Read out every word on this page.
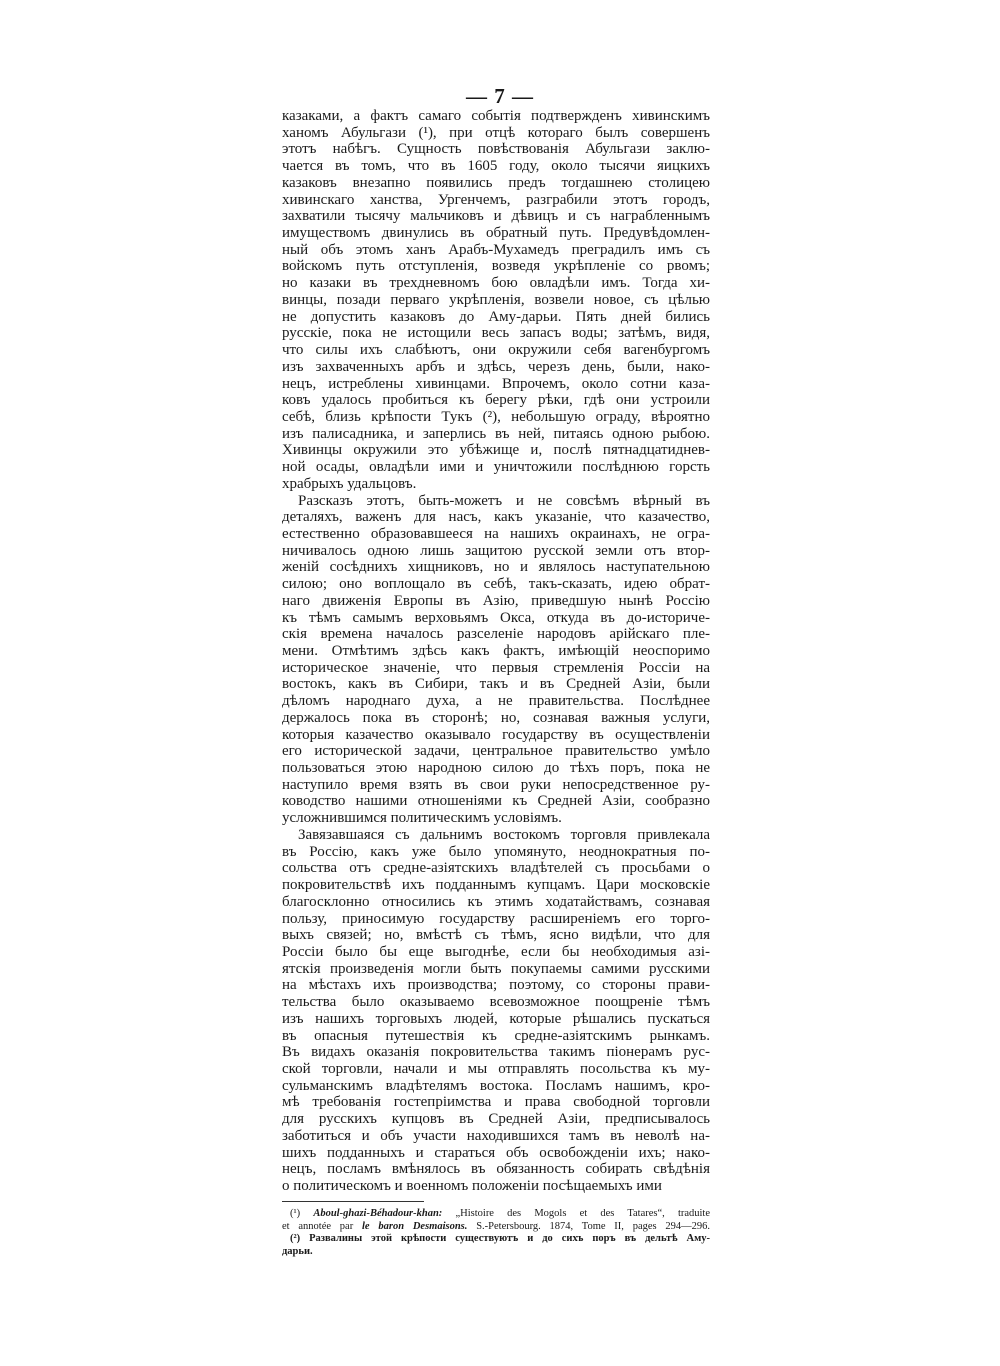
— 7 —
казаками, а фактъ самаго событія подтвержденъ хивинскимъ
ханомъ Абульгази (¹), при отцѣ котораго былъ совершенъ
этотъ набѣгъ. Сущность повѣствованія Абульгази заклю-
чается въ томъ, что въ 1605 году, около тысячи яицкихъ
казаковъ внезапно появились предъ тогдашнею столицею
хивинскаго ханства, Ургенчемъ, разграбили этотъ городъ,
захватили тысячу мальчиковъ и дѣвицъ и съ награбленнымъ
имуществомъ двинулись въ обратный путь. Предувѣдомлен-
ный объ этомъ ханъ Арабъ-Мухамедъ преградилъ имъ съ
войскомъ путь отступленія, возведя укрѣпленіе со рвомъ;
но казаки въ трехдневномъ бою овладѣли имъ. Тогда хи-
винцы, позади перваго укрѣпленія, возвели новое, съ цѣлью
не допустить казаковъ до Аму-дарьи. Пять дней бились
русскіе, пока не истощили весь запасъ воды; затѣмъ, видя,
что силы ихъ слабѣютъ, они окружили себя вагенбургомъ
изъ захваченныхъ арбъ и здѣсь, черезъ день, были, нако-
нецъ, истреблены хивинцами. Впрочемъ, около сотни каза-
ковъ удалось пробиться къ берегу рѣки, гдѣ они устроили
себѣ, близь крѣпости Тукъ (²), небольшую ограду, вѣроятно
изъ палисадника, и заперлись въ ней, питаясь одною рыбою.
Хивинцы окружили это убѣжище и, послѣ пятнадцатиднев-
ной осады, овладѣли ими и уничтожили послѣднюю горсть
храбрыхъ удальцовъ.
Разсказъ этотъ, быть-можетъ и не совсѣмъ вѣрный въ
деталяхъ, важенъ для насъ, какъ указаніе, что казачество,
естественно образовавшееся на нашихъ окраинахъ, не огра-
ничивалось одною лишь защитою русской земли отъ втор-
женій сосѣднихъ хищниковъ, но и являлось наступательною
силою; оно воплощало въ себѣ, такъ-сказать, идею обрат-
наго движенія Европы въ Азію, приведшую нынѣ Россію
къ тѣмъ самымъ верховьямъ Окса, откуда въ до-историче-
скія времена началось разселеніе народовъ арійскаго пле-
мени. Отмѣтимъ здѣсь какъ фактъ, имѣющій неоспоримо
историческое значеніе, что первыя стремленія Россіи на
востокъ, какъ въ Сибири, такъ и въ Средней Азіи, были
дѣломъ народнаго духа, а не правительства. Послѣднее
держалось пока въ сторонѣ; но, сознавая важныя услуги,
которыя казачество оказывало государству въ осуществленіи
его исторической задачи, центральное правительство умѣло
пользоваться этою народною силою до тѣхъ поръ, пока не
наступило время взять въ свои руки непосредственное ру-
ководство нашими отношеніями къ Средней Азіи, сообразно
усложнившимся политическимъ условіямъ.
Завязавшаяся съ дальнимъ востокомъ торговля привлекала
въ Россію, какъ уже было упомянуто, неоднократныя по-
сольства отъ средне-азіятскихъ владѣтелей съ просьбами о
покровительствѣ ихъ подданнымъ купцамъ. Цари московскіе
благосклонно относились къ этимъ ходатайствамъ, сознавая
пользу, приносимую государству расширеніемъ его торго-
выхъ связей; но, вмѣстѣ съ тѣмъ, ясно видѣли, что для
Россіи было бы еще выгоднѣе, если бы необходимыя азі-
ятскія произведенія могли быть покупаемы самими русскими
на мѣстахъ ихъ производства; поэтому, со стороны прави-
тельства было оказываемо всевозможное поощреніе тѣмъ
изъ нашихъ торговыхъ людей, которые рѣшались пускаться
въ опасныя путешествія къ средне-азіятскимъ рынкамъ.
Въ видахъ оказанія покровительства такимъ піонерамъ рус-
ской торговли, начали и мы отправлять посольства къ му-
сульманскимъ владѣтелямъ востока. Посламъ нашимъ, кро-
мѣ требованія гостепріимства и права свободной торговли
для русскихъ купцовъ въ Средней Азіи, предписывалось
заботиться и объ участи находившихся тамъ въ неволѣ на-
шихъ подданныхъ и стараться объ освобожденіи ихъ; нако-
нецъ, посламъ вмѣнялось въ обязанность собирать свѣдѣнія
о политическомъ и военномъ положеніи посѣщаемыхъ ими
(¹) Aboul-ghazi-Béhadour-khan: „Histoire des Mogols et des Tatares“, traduite
et annotée par le baron Desmaisons. S.-Petersbourg. 1874, Tome II, pages 294—296.
(²) Развалины этой крѣпости существуютъ и до сихъ поръ въ дельтѣ Аму-
дарьи.
